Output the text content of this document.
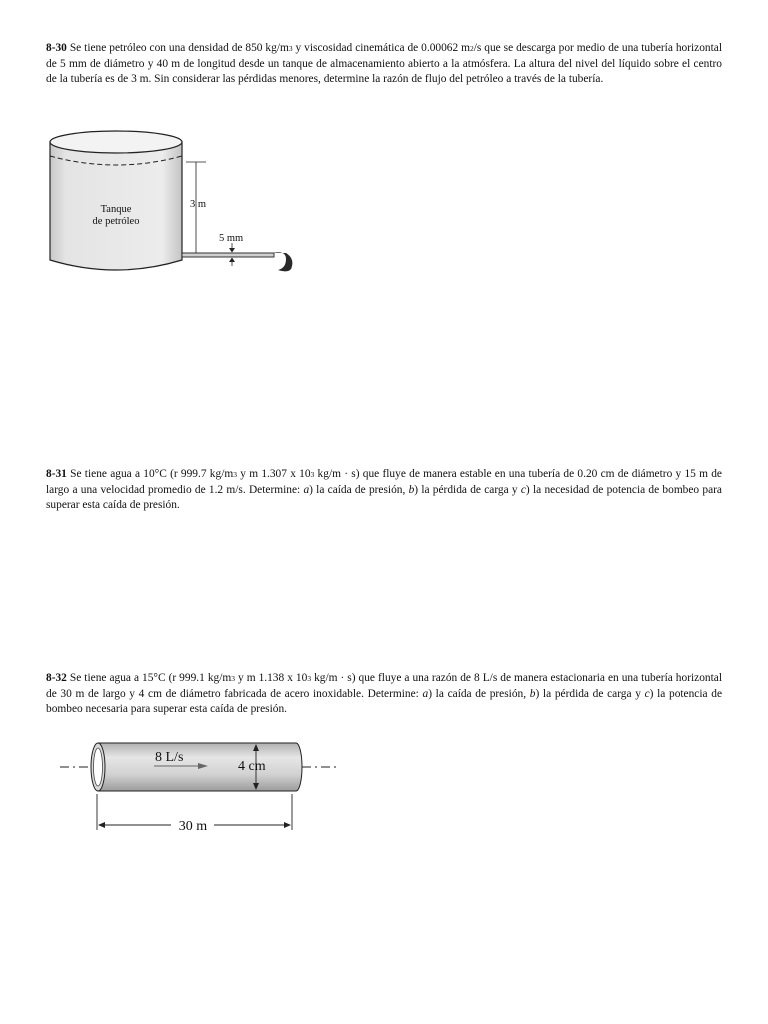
8-30 Se tiene petróleo con una densidad de 850 kg/m3 y viscosidad cinemática de 0.00062 m2/s que se descarga por medio de una tubería horizontal de 5 mm de diámetro y 40 m de longitud desde un tanque de almacenamiento abierto a la atmósfera. La altura del nivel del líquido sobre el centro de la tubería es de 3 m. Sin considerar las pérdidas menores, determine la razón de flujo del petróleo a través de la tubería.
Tanque
de petróleo
3 m
5 mm
8-31 Se tiene agua a 10°C (r 999.7 kg/m3 y m 1.307 x 103 kg/m · s) que fluye de manera estable en una tubería de 0.20 cm de diámetro y 15 m de largo a una velocidad promedio de 1.2 m/s. Determine: a) la caída de presión, b) la pérdida de carga y c) la necesidad de potencia de bombeo para superar esta caída de presión.
8-32 Se tiene agua a 15°C (r 999.1 kg/m3 y m 1.138 x 103 kg/m · s) que fluye a una razón de 8 L/s de manera estacionaria en una tubería horizontal de 30 m de largo y 4 cm de diámetro fabricada de acero inoxidable. Determine: a) la caída de presión, b) la pérdida de carga y c) la potencia de bombeo necesaria para superar esta caída de presión.
8 L/s
4 cm
30 m
